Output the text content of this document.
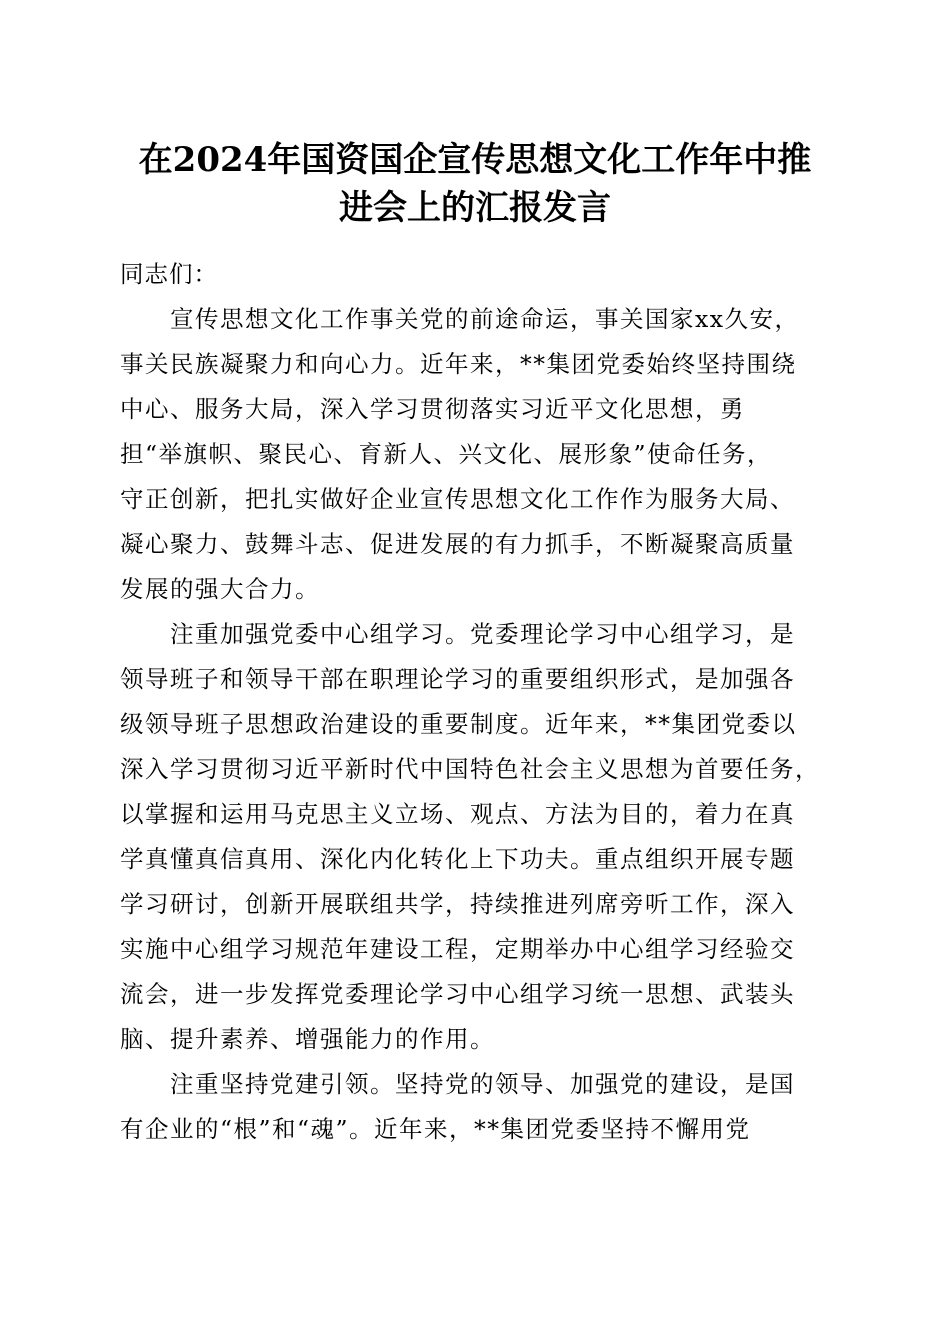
在2024年国资国企宣传思想文化工作年中推
进会上的汇报发言

同志们：

宣传思想文化工作事关党的前途命运，事关国家xx久安，
事关民族凝聚力和向心力。近年来，**集团党委始终坚持围绕
中心、服务大局，深入学习贯彻落实习近平文化思想，勇
担“举旗帜、聚民心、育新人、兴文化、展形象”使命任务，
守正创新，把扎实做好企业宣传思想文化工作作为服务大局、
凝心聚力、鼓舞斗志、促进发展的有力抓手，不断凝聚高质量
发展的强大合力。

注重加强党委中心组学习。党委理论学习中心组学习，是
领导班子和领导干部在职理论学习的重要组织形式，是加强各
级领导班子思想政治建设的重要制度。近年来，**集团党委以
深入学习贯彻习近平新时代中国特色社会主义思想为首要任务，
以掌握和运用马克思主义立场、观点、方法为目的，着力在真
学真懂真信真用、深化内化转化上下功夫。重点组织开展专题
学习研讨，创新开展联组共学，持续推进列席旁听工作，深入
实施中心组学习规范年建设工程，定期举办中心组学习经验交
流会，进一步发挥党委理论学习中心组学习统一思想、武装头
脑、提升素养、增强能力的作用。

注重坚持党建引领。坚持党的领导、加强党的建设，是国
有企业的“根”和“魂”。近年来，**集团党委坚持不懈用党
